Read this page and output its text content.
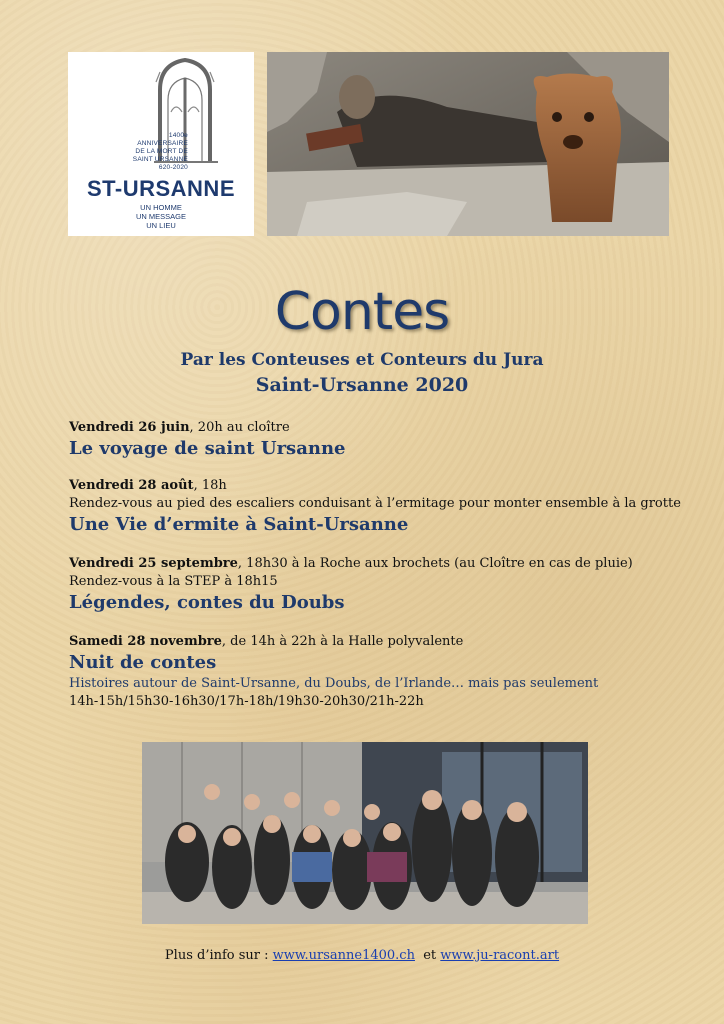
1400e
ANNIVERSAIRE
DE LA MORT DE
SAINT URSANNE
620-2020
ST-URSANNE
UN HOMME
UN MESSAGE
UN LIEU
Contes
Par les Conteuses et Conteurs du Jura
Saint-Ursanne 2020
Vendredi 26 juin, 20h au cloître
Le voyage de saint Ursanne
Vendredi 28 août, 18h
Rendez-vous au pied des escaliers conduisant à l’ermitage pour monter ensemble à la grotte
Une Vie d’ermite à Saint-Ursanne
Vendredi 25 septembre, 18h30 à la Roche aux brochets (au Cloître en cas de pluie)
Rendez-vous à la STEP à 18h15
Légendes, contes du Doubs
Samedi 28 novembre, de 14h à 22h à la Halle polyvalente
Nuit de contes
Histoires autour de Saint-Ursanne, du Doubs, de l’Irlande… mais pas seulement
14h-15h/15h30-16h30/17h-18h/19h30-20h30/21h-22h
Plus d’info sur : www.ursanne1400.ch et www.ju-racont.art
